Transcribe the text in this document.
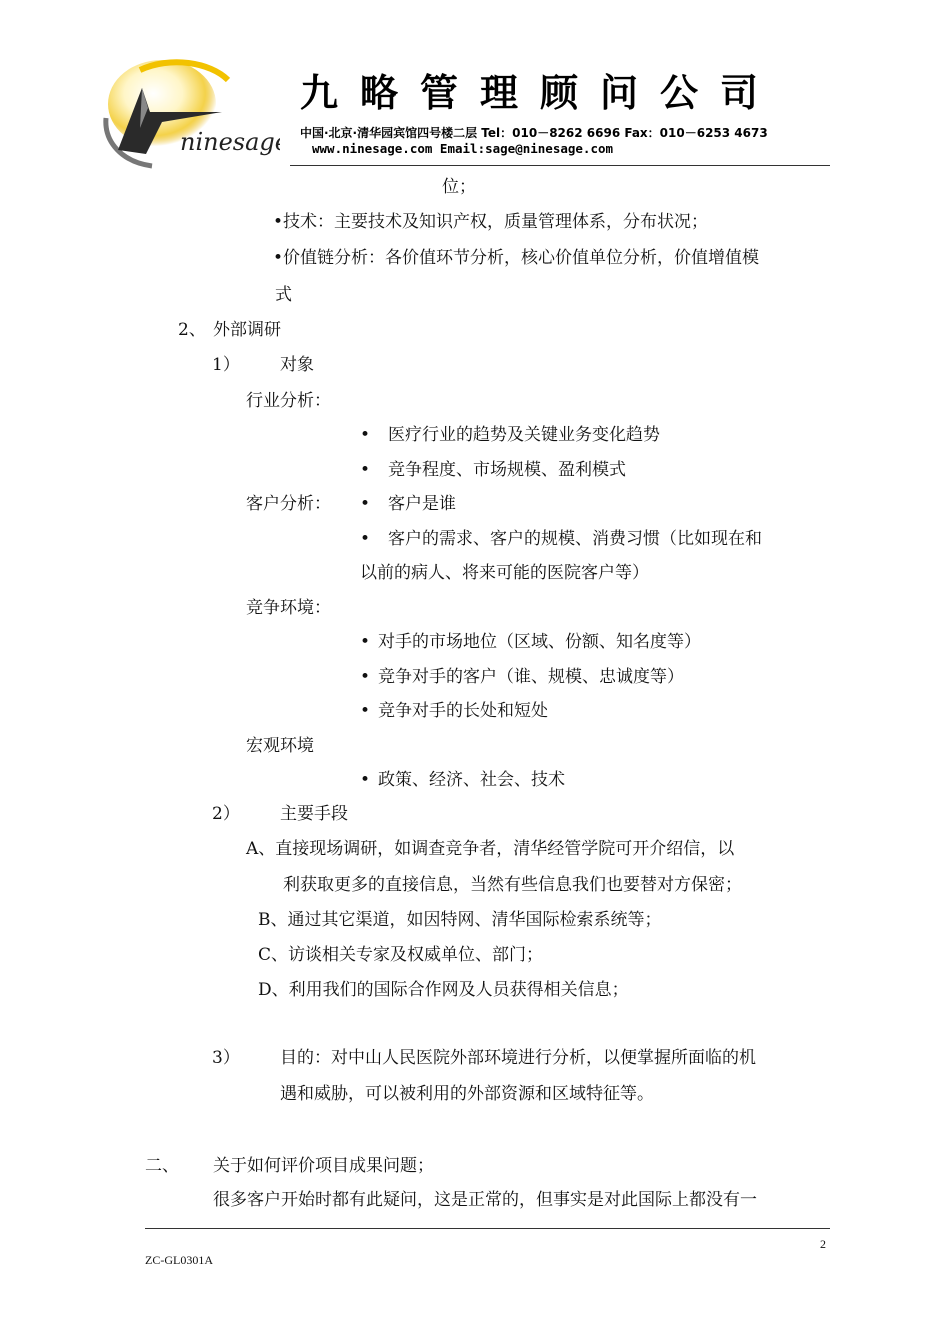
ninesage
九略管理顾问公司
中国·北京·清华园宾馆四号楼二层 Tel：010－8262 6696 Fax：010－6253 4673
www.ninesage.com Email:sage@ninesage.com
位；
•技术：主要技术及知识产权，质量管理体系，分布状况；
•价值链分析：各价值环节分析，核心价值单位分析，价值增值模
式
2、 外部调研
1） 对象
行业分析：
• 医疗行业的趋势及关键业务变化趋势
• 竞争程度、市场规模、盈利模式
客户分析： • 客户是谁
• 客户的需求、客户的规模、消费习惯（比如现在和
以前的病人、将来可能的医院客户等）
竞争环境：
• 对手的市场地位（区域、份额、知名度等）
• 竞争对手的客户（谁、规模、忠诚度等）
• 竞争对手的长处和短处
宏观环境
• 政策、经济、社会、技术
2） 主要手段
A、直接现场调研，如调查竞争者，清华经管学院可开介绍信，以
利获取更多的直接信息，当然有些信息我们也要替对方保密；
B、通过其它渠道，如因特网、清华国际检索系统等；
C、访谈相关专家及权威单位、部门；
D、利用我们的国际合作网及人员获得相关信息；
3） 目的：对中山人民医院外部环境进行分析，以便掌握所面临的机
遇和威胁，可以被利用的外部资源和区域特征等。
二、 关于如何评价项目成果问题；
很多客户开始时都有此疑问，这是正常的，但事实是对此国际上都没有一
2
ZC-GL0301A
